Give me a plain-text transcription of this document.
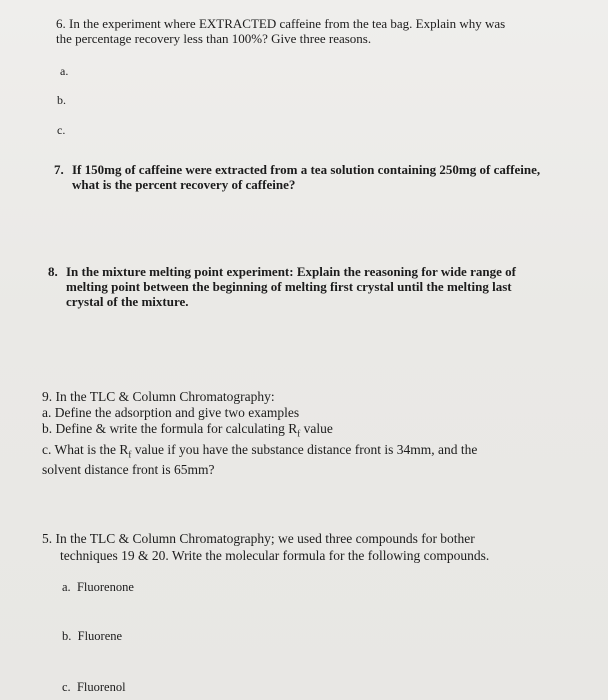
6. In the experiment where EXTRACTED caffeine from the tea bag. Explain why was
the percentage recovery less than 100%? Give three reasons.
a.
b.
c.
7. If 150mg of caffeine were extracted from a tea solution containing 250mg of caffeine,
what is the percent recovery of caffeine?
8. In the mixture melting point experiment: Explain the reasoning for wide range of
melting point between the beginning of melting first crystal until the melting last
crystal of the mixture.
9. In the TLC & Column Chromatography:
a. Define the adsorption and give two examples
b. Define & write the formula for calculating $R_f$ value
c. What is the $R_f$ value if you have the substance distance front is 34mm, and the
solvent distance front is 65mm?
5. In the TLC & Column Chromatography; we used three compounds for bother
techniques 19 & 20. Write the molecular formula for the following compounds.
a. Fluorenone
b. Fluorene
c. Fluorenol
